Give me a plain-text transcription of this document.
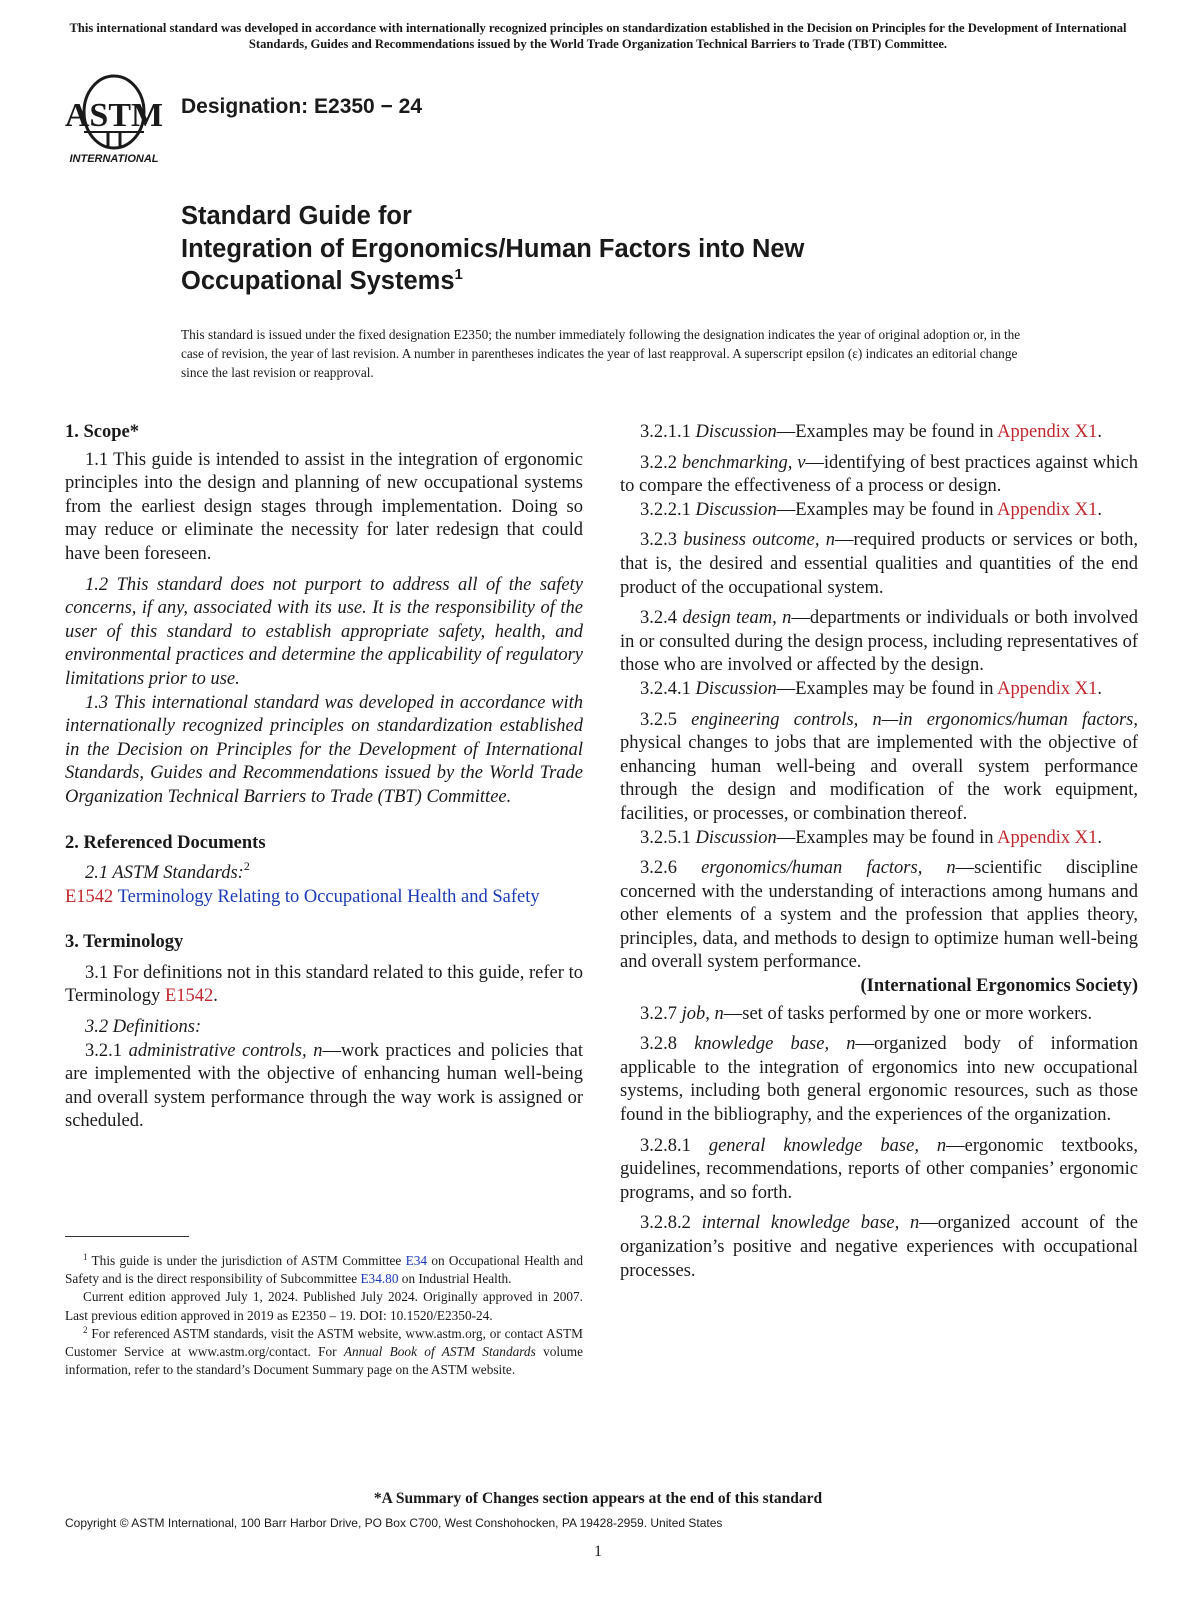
This international standard was developed in accordance with internationally recognized principles on standardization established in the Decision on Principles for the Development of International Standards, Guides and Recommendations issued by the World Trade Organization Technical Barriers to Trade (TBT) Committee.
ASTM
INTERNATIONAL
Designation: E2350 − 24
Standard Guide for
Integration of Ergonomics/Human Factors into New
Occupational Systems$^1$
This standard is issued under the fixed designation E2350; the number immediately following the designation indicates the year of original adoption or, in the case of revision, the year of last revision. A number in parentheses indicates the year of last reapproval. A superscript epsilon (ε) indicates an editorial change since the last revision or reapproval.
1. Scope*

1.1 This guide is intended to assist in the integration of ergonomic principles into the design and planning of new occupational systems from the earliest design stages through implementation. Doing so may reduce or eliminate the necessity for later redesign that could have been foreseen.

1.2 This standard does not purport to address all of the safety concerns, if any, associated with its use. It is the responsibility of the user of this standard to establish appropriate safety, health, and environmental practices and determine the applicability of regulatory limitations prior to use.

1.3 This international standard was developed in accordance with internationally recognized principles on standardization established in the Decision on Principles for the Development of International Standards, Guides and Recommendations issued by the World Trade Organization Technical Barriers to Trade (TBT) Committee.

2. Referenced Documents

2.1 ASTM Standards:$^2$

E1542 Terminology Relating to Occupational Health and Safety

3. Terminology

3.1 For definitions not in this standard related to this guide, refer to Terminology E1542.

3.2 Definitions:

3.2.1 administrative controls, n—work practices and policies that are implemented with the objective of enhancing human well-being and overall system performance through the way work is assigned or scheduled.

$^1$ This guide is under the jurisdiction of ASTM Committee E34 on Occupational Health and Safety and is the direct responsibility of Subcommittee E34.80 on Industrial Health.

Current edition approved July 1, 2024. Published July 2024. Originally approved in 2007. Last previous edition approved in 2019 as E2350 – 19. DOI: 10.1520/E2350-24.

$^2$ For referenced ASTM standards, visit the ASTM website, www.astm.org, or contact ASTM Customer Service at www.astm.org/contact. For Annual Book of ASTM Standards volume information, refer to the standard’s Document Summary page on the ASTM website.

3.2.1.1 Discussion—Examples may be found in Appendix X1.

3.2.2 benchmarking, v—identifying of best practices against which to compare the effectiveness of a process or design.

3.2.2.1 Discussion—Examples may be found in Appendix X1.

3.2.3 business outcome, n—required products or services or both, that is, the desired and essential qualities and quantities of the end product of the occupational system.

3.2.4 design team, n—departments or individuals or both involved in or consulted during the design process, including representatives of those who are involved or affected by the design.

3.2.4.1 Discussion—Examples may be found in Appendix X1.

3.2.5 engineering controls, n—in ergonomics/human factors, physical changes to jobs that are implemented with the objective of enhancing human well-being and overall system performance through the design and modification of the work equipment, facilities, or processes, or combination thereof.

3.2.5.1 Discussion—Examples may be found in Appendix X1.

3.2.6 ergonomics/human factors, n—scientific discipline concerned with the understanding of interactions among humans and other elements of a system and the profession that applies theory, principles, data, and methods to design to optimize human well-being and overall system performance.

(International Ergonomics Society)

3.2.7 job, n—set of tasks performed by one or more workers.

3.2.8 knowledge base, n—organized body of information applicable to the integration of ergonomics into new occupational systems, including both general ergonomic resources, such as those found in the bibliography, and the experiences of the organization.

3.2.8.1 general knowledge base, n—ergonomic textbooks, guidelines, recommendations, reports of other companies’ ergonomic programs, and so forth.

3.2.8.2 internal knowledge base, n—organized account of the organization’s positive and negative experiences with occupational processes.

*A Summary of Changes section appears at the end of this standard
Copyright © ASTM International, 100 Barr Harbor Drive, PO Box C700, West Conshohocken, PA 19428-2959. United States
1
